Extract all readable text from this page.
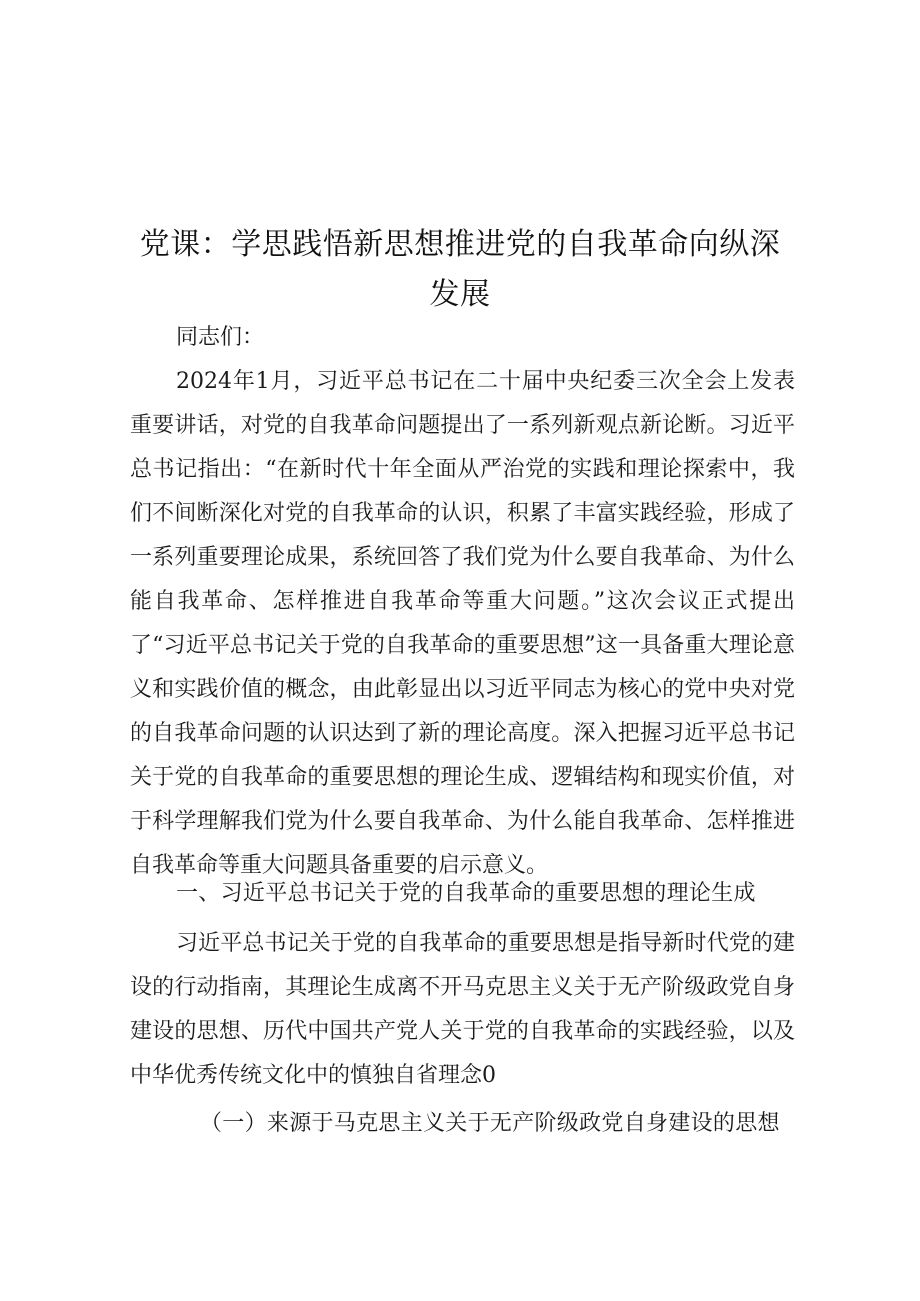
党课：学思践悟新思想推进党的自我革命向纵深发展

同志们：

2024年1月，习近平总书记在二十届中央纪委三次全会上发表重要讲话，对党的自我革命问题提出了一系列新观点新论断。习近平总书记指出：“在新时代十年全面从严治党的实践和理论探索中，我们不间断深化对党的自我革命的认识，积累了丰富实践经验，形成了一系列重要理论成果，系统回答了我们党为什么要自我革命、为什么能自我革命、怎样推进自我革命等重大问题。”这次会议正式提出了“习近平总书记关于党的自我革命的重要思想”这一具备重大理论意义和实践价值的概念，由此彰显出以习近平同志为核心的党中央对党的自我革命问题的认识达到了新的理论高度。深入把握习近平总书记关于党的自我革命的重要思想的理论生成、逻辑结构和现实价值，对于科学理解我们党为什么要自我革命、为什么能自我革命、怎样推进自我革命等重大问题具备重要的启示意义。

一、习近平总书记关于党的自我革命的重要思想的理论生成

习近平总书记关于党的自我革命的重要思想是指导新时代党的建设的行动指南，其理论生成离不开马克思主义关于无产阶级政党自身建设的思想、历代中国共产党人关于党的自我革命的实践经验，以及中华优秀传统文化中的慎独自省理念0

（一）来源于马克思主义关于无产阶级政党自身建设的思想
